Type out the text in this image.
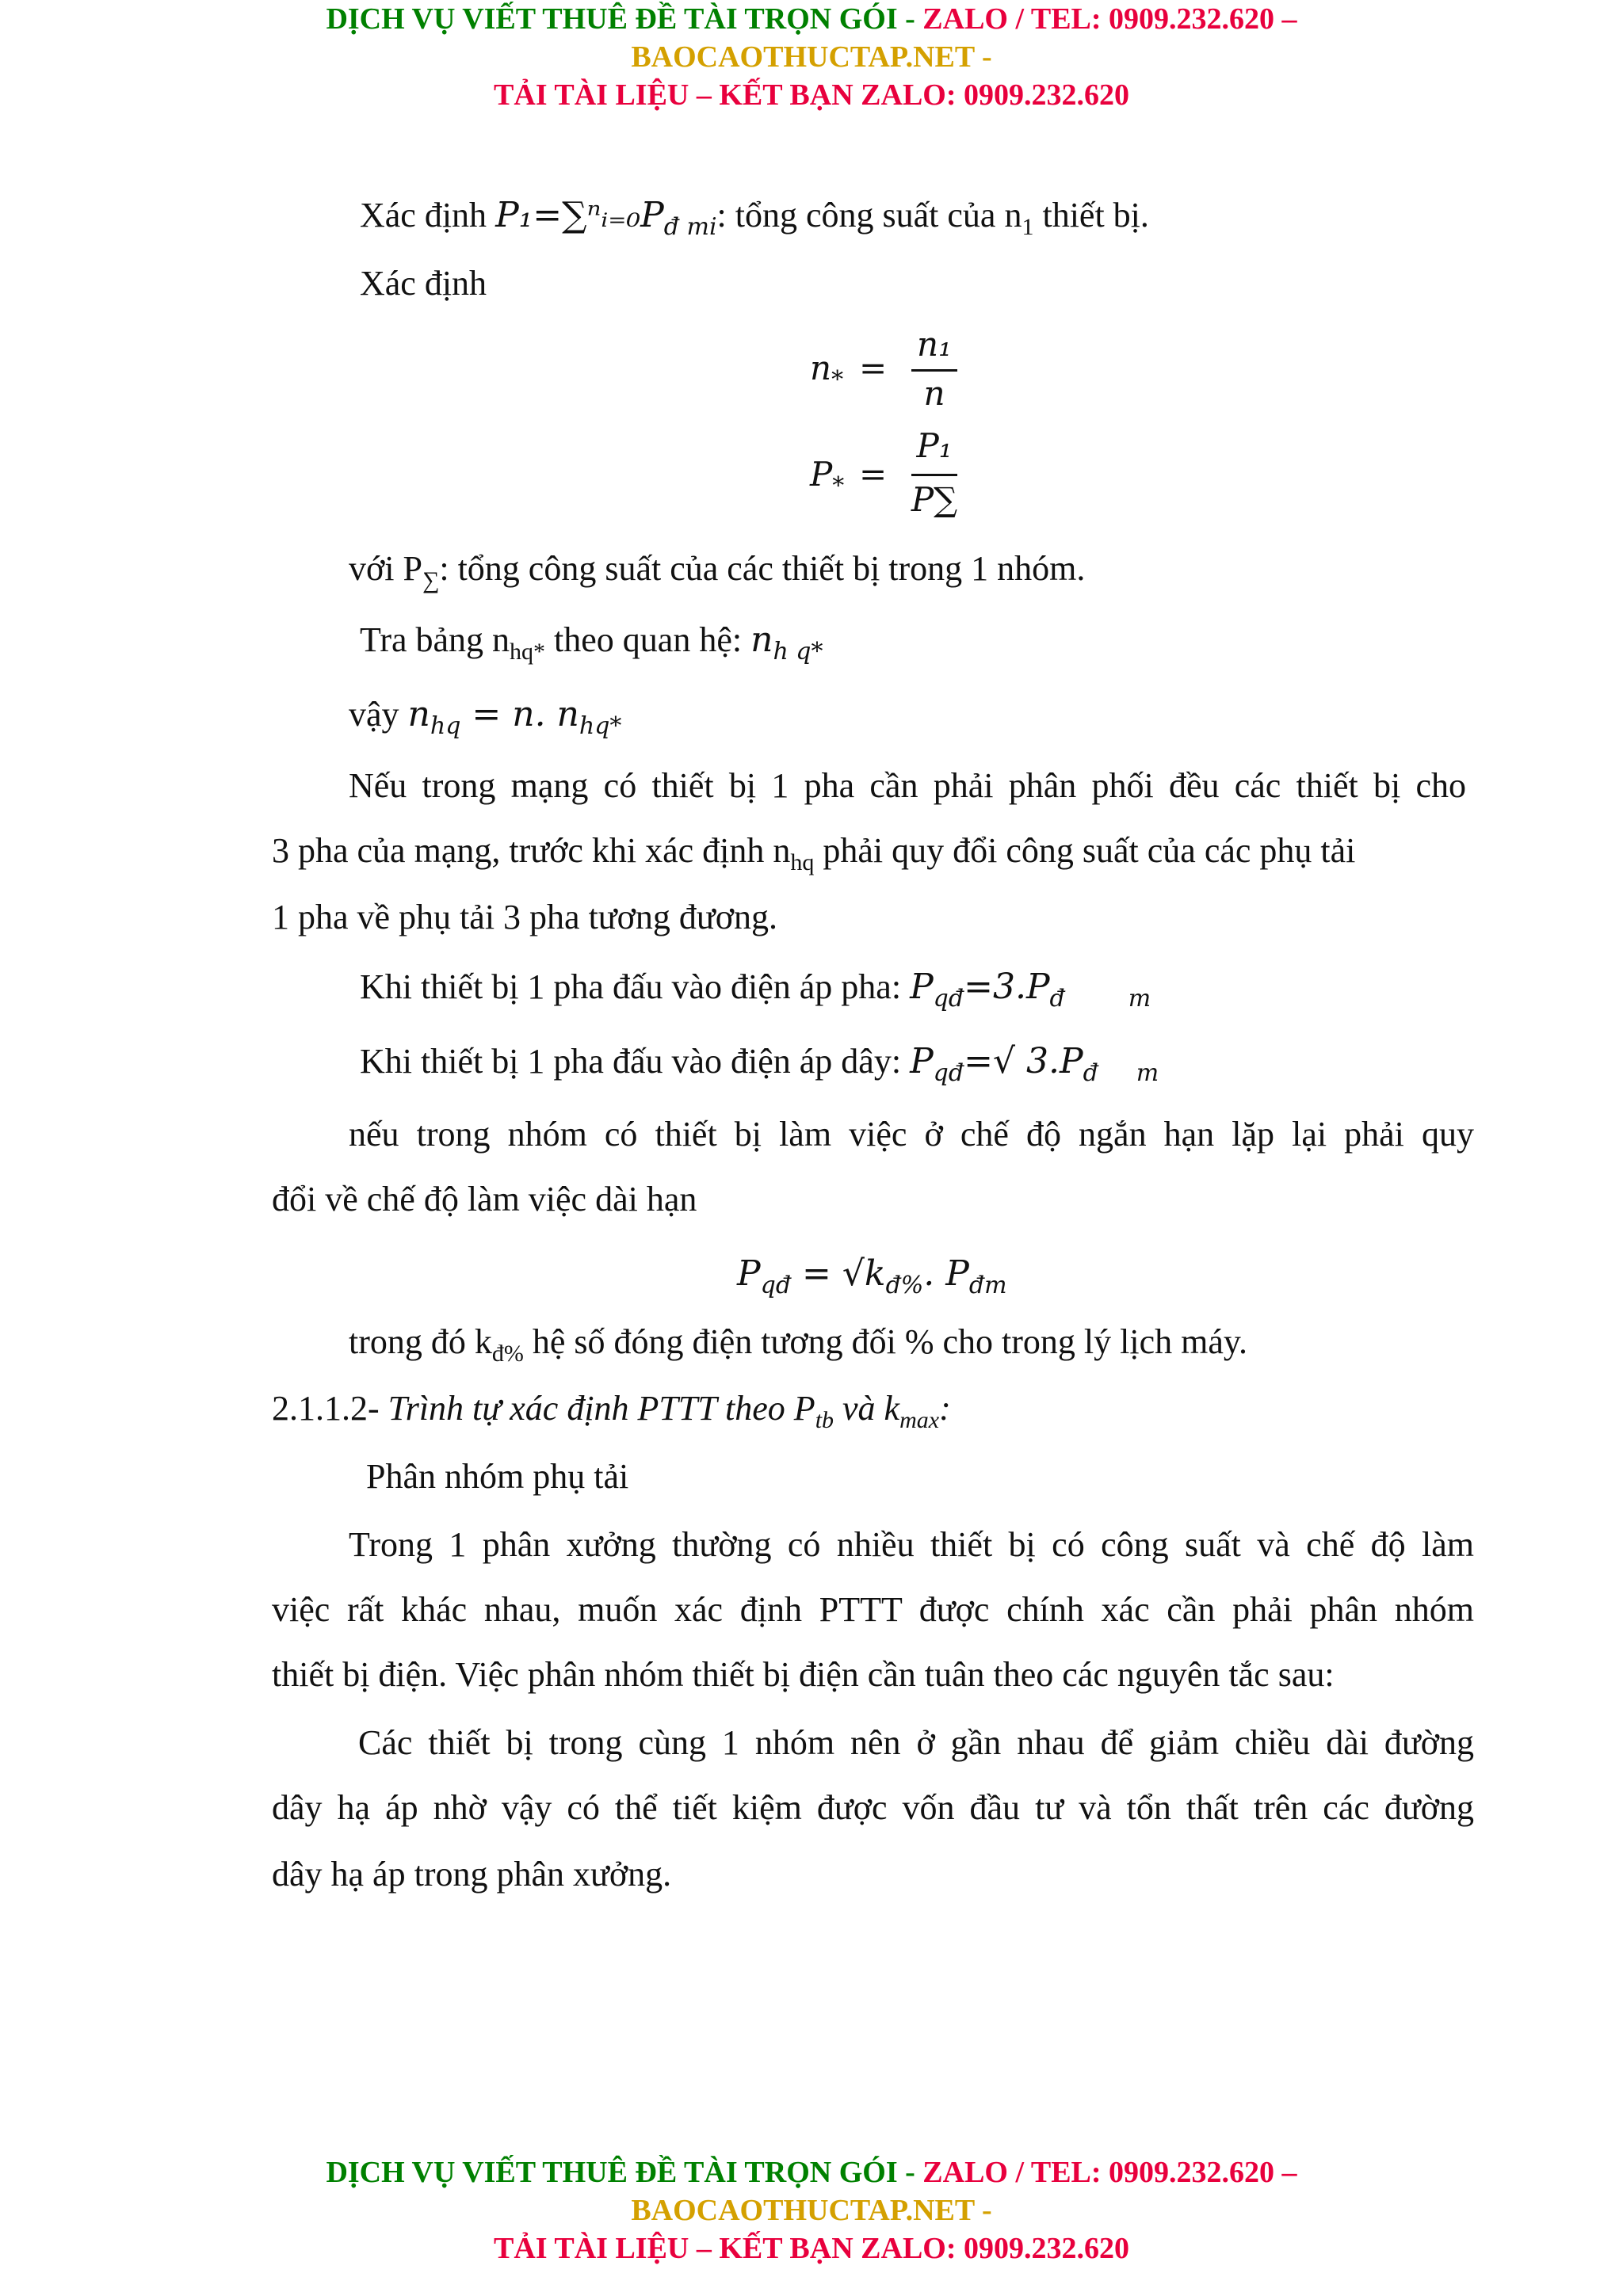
DỊCH VỤ VIẾT THUÊ ĐỀ TÀI TRỌN GÓI - ZALO / TEL: 0909.232.620 –
BAOCAOTHUCTAP.NET -
TẢI TÀI LIỆU – KẾT BẠN ZALO: 0909.232.620
Xác định $P_1=\sum^nᵢ_{=0}P_{đ mi}$: tổng công suất của $n_1$ thiết bị.
Xác định
$n_*$ =
n₁
n
$P_*$ =
P₁
P∑
với $P_\sum$: tổng công suất của các thiết bị trong 1 nhóm.
Tra bảng $n_{hq*}$ theo quan hệ: $n_{h q*}$
vậy $n_{hq} = n$. $n_{hq*}$
Nếu trong mạng có thiết bị 1 pha cần phải phân phối đều các thiết bị cho
3 pha của mạng, trước khi xác định $n_{hq}$ phải quy đổi công suất của các phụ tải
1 pha về phụ tải 3 pha tương đương.
Khi thiết bị 1 pha đấu vào điện áp pha: $P_{qđ}=3.P_đ$	$_m$
Khi thiết bị 1 pha đấu vào điện áp dây: $P_{qđ}=√$ $3.P_đ$ $_m$
nếu trong nhóm có thiết bị làm việc ở chế độ ngắn hạn lặp lại phải quy
đổi về chế độ làm việc dài hạn
$P_{qđ} = √k_{đ\%}$. $P_{đm}$
trong đó $k_{đ\%}$ hệ số đóng điện tương đối % cho trong lý lịch máy.
2.1.1.2- Trình tự xác định PTTT theo $P_{tb}$ và $k_{max}$:
Phân nhóm phụ tải
Trong 1 phân xưởng thường có nhiều thiết bị có công suất và chế độ làm
việc rất khác nhau, muốn xác định PTTT được chính xác cần phải phân nhóm
thiết bị điện. Việc phân nhóm thiết bị điện cần tuân theo các nguyên tắc sau:
Các thiết bị trong cùng 1 nhóm nên ở gần nhau để giảm chiều dài đường
dây hạ áp nhờ vậy có thể tiết kiệm được vốn đầu tư và tổn thất trên các đường
dây hạ áp trong phân xưởng.
DỊCH VỤ VIẾT THUÊ ĐỀ TÀI TRỌN GÓI - ZALO / TEL: 0909.232.620 –
BAOCAOTHUCTAP.NET -
TẢI TÀI LIỆU – KẾT BẠN ZALO: 0909.232.620
